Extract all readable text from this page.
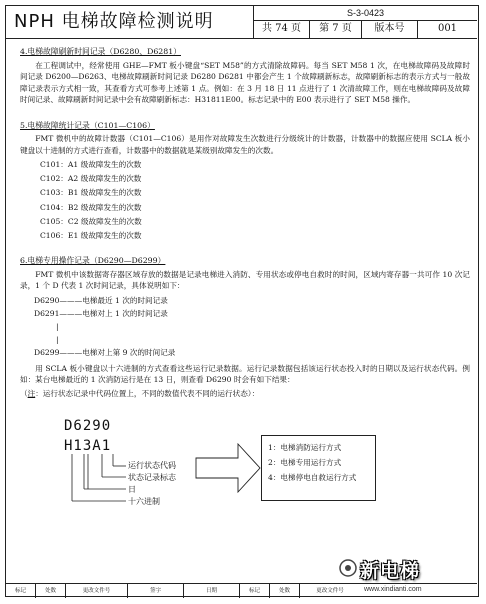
NPH 电梯故障检测说明	S-3-0423
共 74 页	第 7 页	版本号	001
4.电梯故障刷新时间记录（D6280、D6281）
在工程调试中，经常使用 GHE—FMT 板小键盘“SET M58”的方式清除故障码。每当 SET M58 1 次，在电梯故障码及故障时间记录 D6200—D6263、电梯故障刷新时间记录 D6280 D6281 中都会产生 1 个故障刷新标志，故障刷新标志的表示方式与一般故障记录表示方式相一致，其查看方式可参考上述第 1 点。例如：在 3 月 18 日 11 点进行了 1 次清故障工作，则在电梯故障码及故障时间记录、故障刷新时间记录中会有故障刷新标志：H31811E00。标志记录中的 E00 表示进行了 SET M58 操作。
5.电梯故障统计记录（C101—C106）
FMT 微机中的故障计数器（C101—C106）是用作对故障发生次数进行分级统计的计数器，计数器中的数据应使用 SCLA 板小键盘以十进制的方式进行查看，计数器中的数据就是某级别故障发生的次数。
C101：A1 级故障发生的次数
C102：A2 级故障发生的次数
C103：B1 级故障发生的次数
C104：B2 级故障发生的次数
C105：C2 级故障发生的次数
C106：E1 级故障发生的次数
6.电梯专用操作记录（D6290—D6299）
FMT 微机中该数据寄存器区域存放的数据是记录电梯进入消防、专用状态或停电自救时的时间，区域内寄存器一共可作 10 次记录，1 个 D 代表 1 次时间记录，具体说明如下：
D6290———电梯最近 1 次的时间记录
D6291———电梯对上 1 次的时间记录
|
|
D6299———电梯对上第 9 次的时间记录
用 SCLA 板小键盘以十六进制的方式查看这些运行记录数据。运行记录数据包括该运行状态投入时的日期以及运行状态代码。例如：某台电梯最近的 1 次消防运行是在 13 日，则查看 D6290 时会有如下结果：
（注：运行状态记录中代码位置上，不同的数值代表不同的运行状态）：
D6290
H13A1
运行状态代码
状态记录标志
日
十六进制
1：电梯消防运行方式
2：电梯专用运行方式
4：电梯停电自救运行方式
标记	处数	更改文件号	签字	日期	标记	处数	更改文件号
新电梯
www.xindianti.com
